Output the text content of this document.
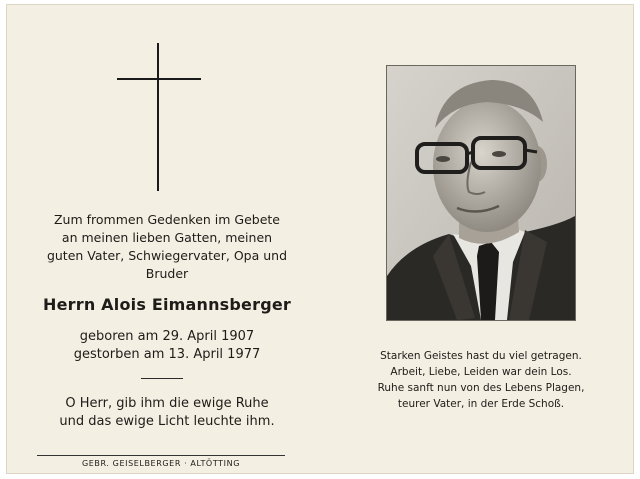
Zum frommen Gedenken im Gebete
an meinen lieben Gatten, meinen
guten Vater, Schwiegervater, Opa und
Bruder
Herrn Alois Eimannsberger
geboren am 29. April 1907
gestorben am 13. April 1977
O Herr, gib ihm die ewige Ruhe
und das ewige Licht leuchte ihm.
GEBR. GEISELBERGER · ALTÖTTING
Starken Geistes hast du viel getragen.
Arbeit, Liebe, Leiden war dein Los.
Ruhe sanft nun von des Lebens Plagen,
teurer Vater, in der Erde Schoß.
